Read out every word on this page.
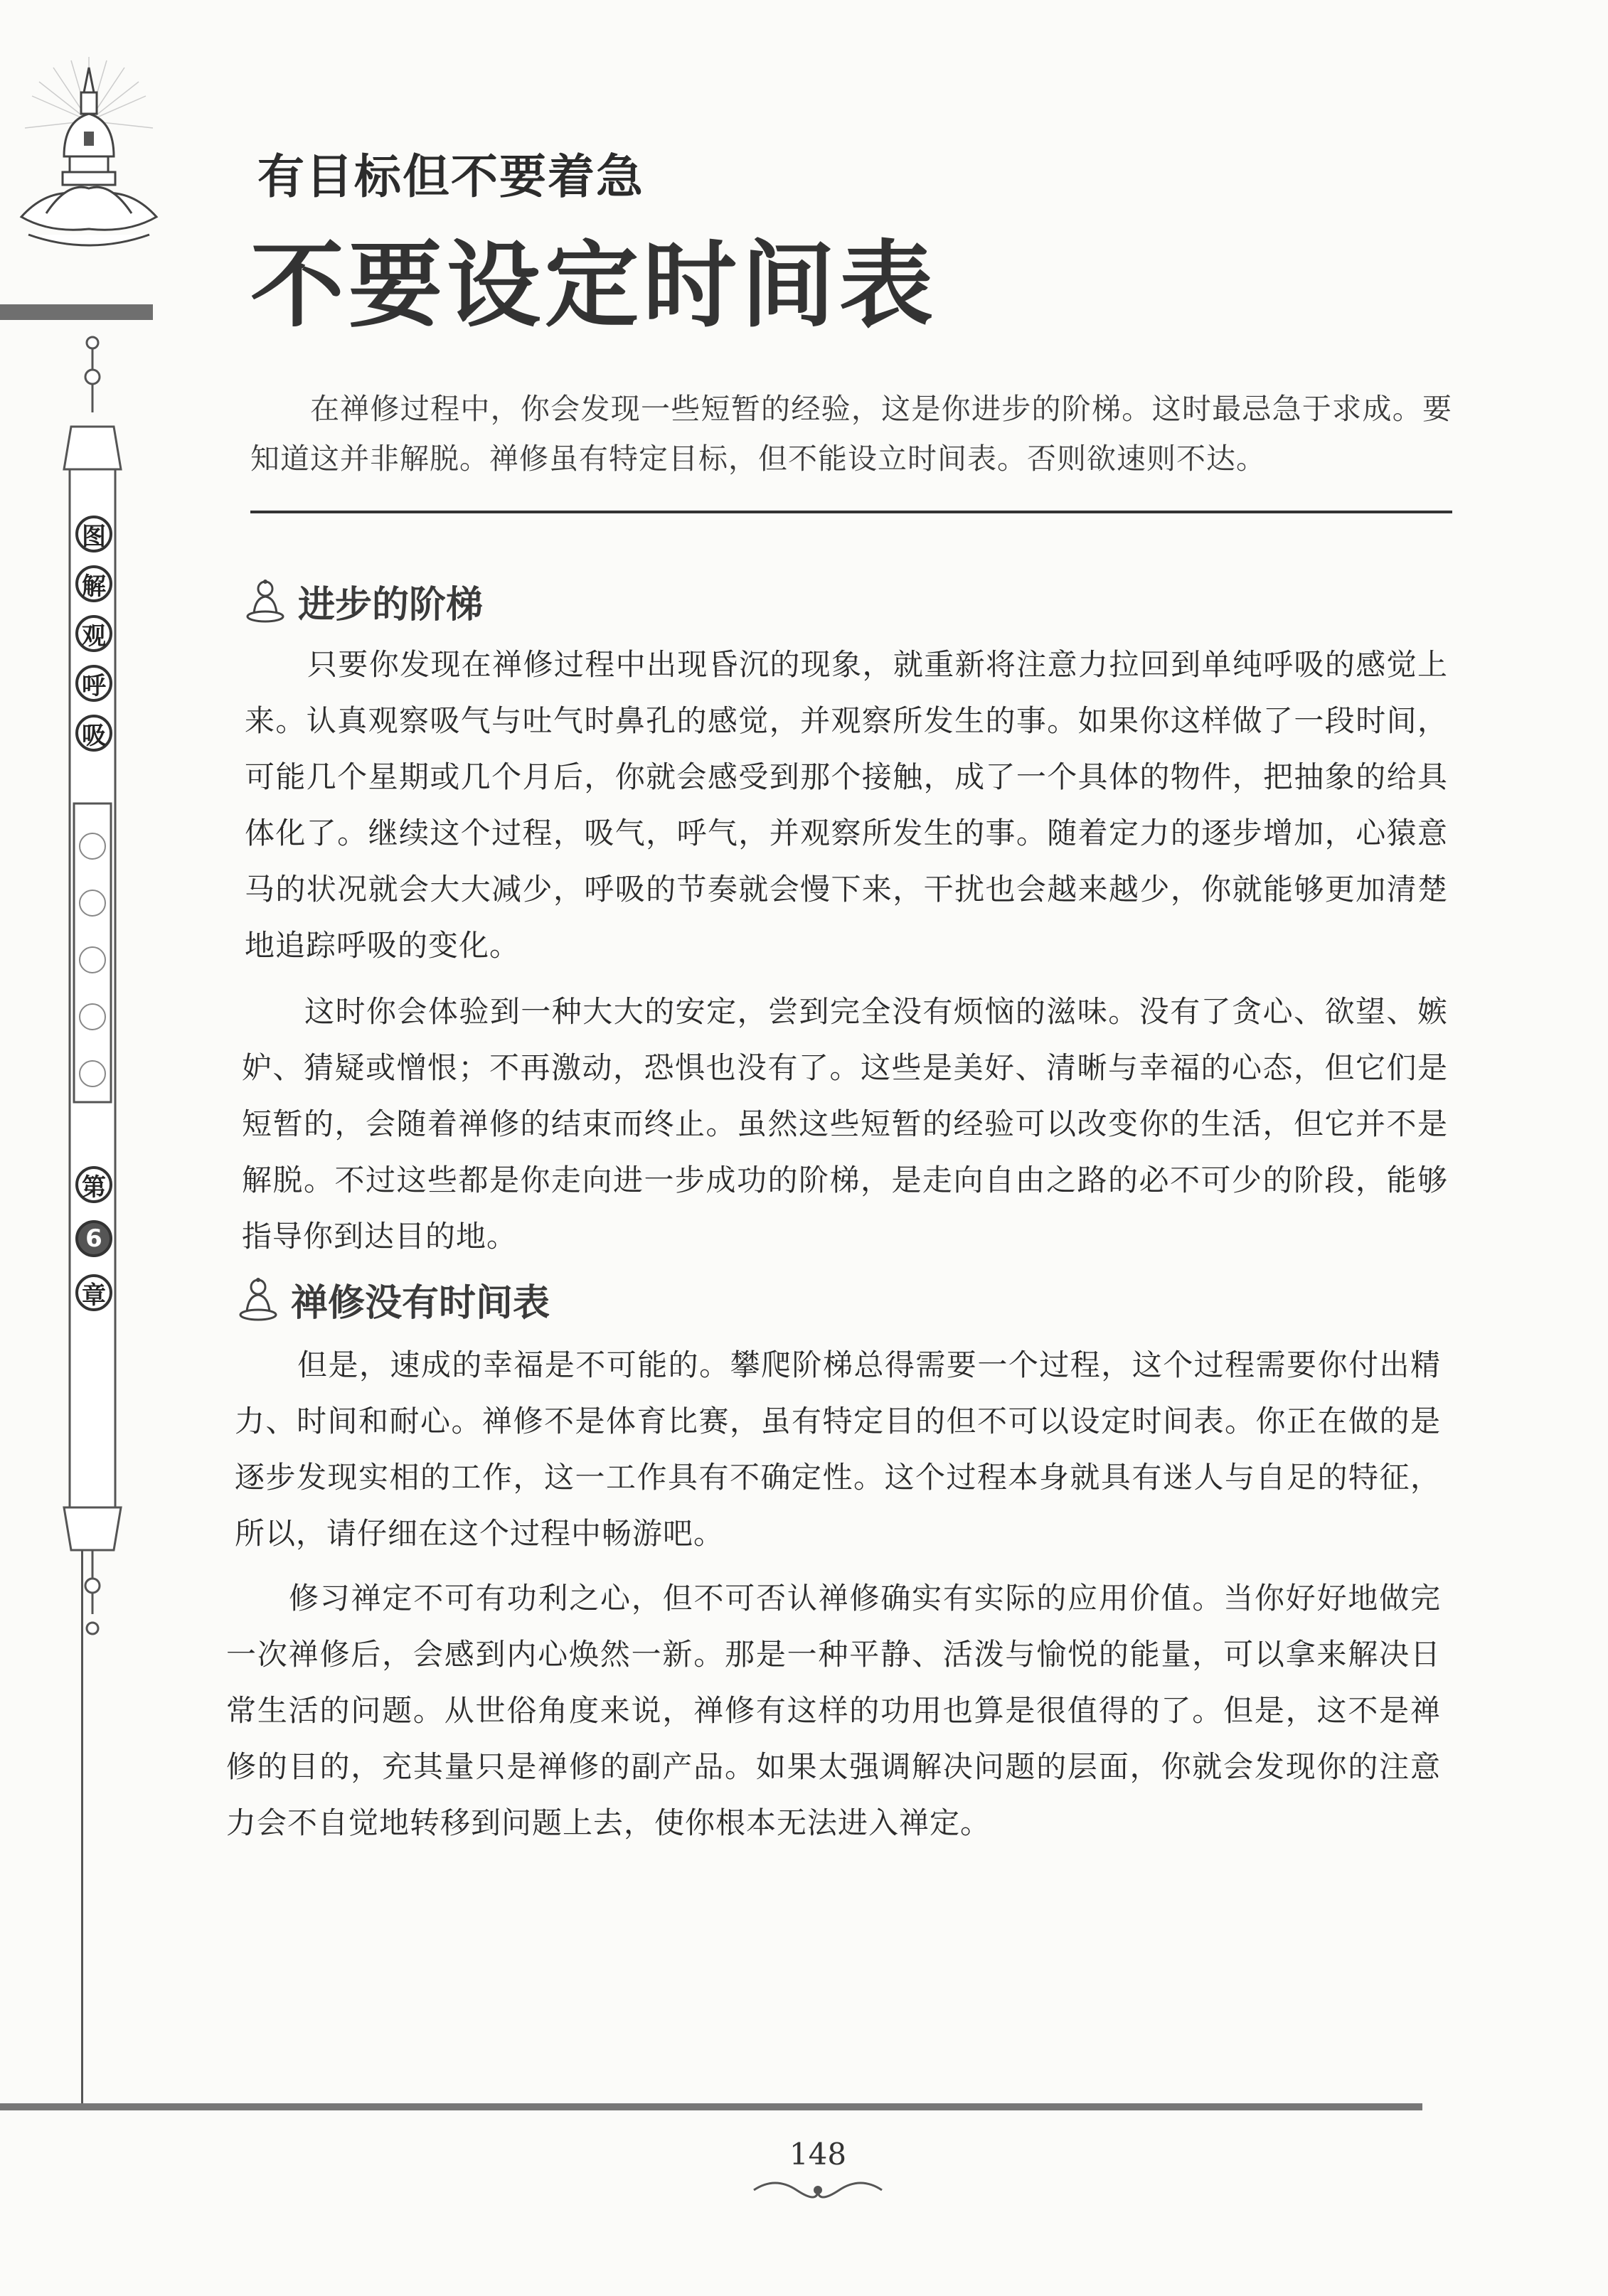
图
解
观
呼
吸
第
6
章
有目标但不要着急
不要设定时间表
在禅修过程中，你会发现一些短暂的经验，这是你进步的阶梯。这时最忌急于求成。要知道这并非解脱。禅修虽有特定目标，但不能设立时间表。否则欲速则不达。
进步的阶梯

只要你发现在禅修过程中出现昏沉的现象，就重新将注意力拉回到单纯呼吸的感觉上来。认真观察吸气与吐气时鼻孔的感觉，并观察所发生的事。如果你这样做了一段时间，可能几个星期或几个月后，你就会感受到那个接触，成了一个具体的物件，把抽象的给具体化了。继续这个过程，吸气，呼气，并观察所发生的事。随着定力的逐步增加，心猿意马的状况就会大大减少，呼吸的节奏就会慢下来，干扰也会越来越少，你就能够更加清楚地追踪呼吸的变化。

这时你会体验到一种大大的安定，尝到完全没有烦恼的滋味。没有了贪心、欲望、嫉妒、猜疑或憎恨；不再激动，恐惧也没有了。这些是美好、清晰与幸福的心态，但它们是短暂的，会随着禅修的结束而终止。虽然这些短暂的经验可以改变你的生活，但它并不是解脱。不过这些都是你走向进一步成功的阶梯，是走向自由之路的必不可少的阶段，能够指导你到达目的地。

禅修没有时间表

但是，速成的幸福是不可能的。攀爬阶梯总得需要一个过程，这个过程需要你付出精力、时间和耐心。禅修不是体育比赛，虽有特定目的但不可以设定时间表。你正在做的是逐步发现实相的工作，这一工作具有不确定性。这个过程本身就具有迷人与自足的特征，所以，请仔细在这个过程中畅游吧。

修习禅定不可有功利之心，但不可否认禅修确实有实际的应用价值。当你好好地做完一次禅修后，会感到内心焕然一新。那是一种平静、活泼与愉悦的能量，可以拿来解决日常生活的问题。从世俗角度来说，禅修有这样的功用也算是很值得的了。但是，这不是禅修的目的，充其量只是禅修的副产品。如果太强调解决问题的层面，你就会发现你的注意力会不自觉地转移到问题上去，使你根本无法进入禅定。

148
